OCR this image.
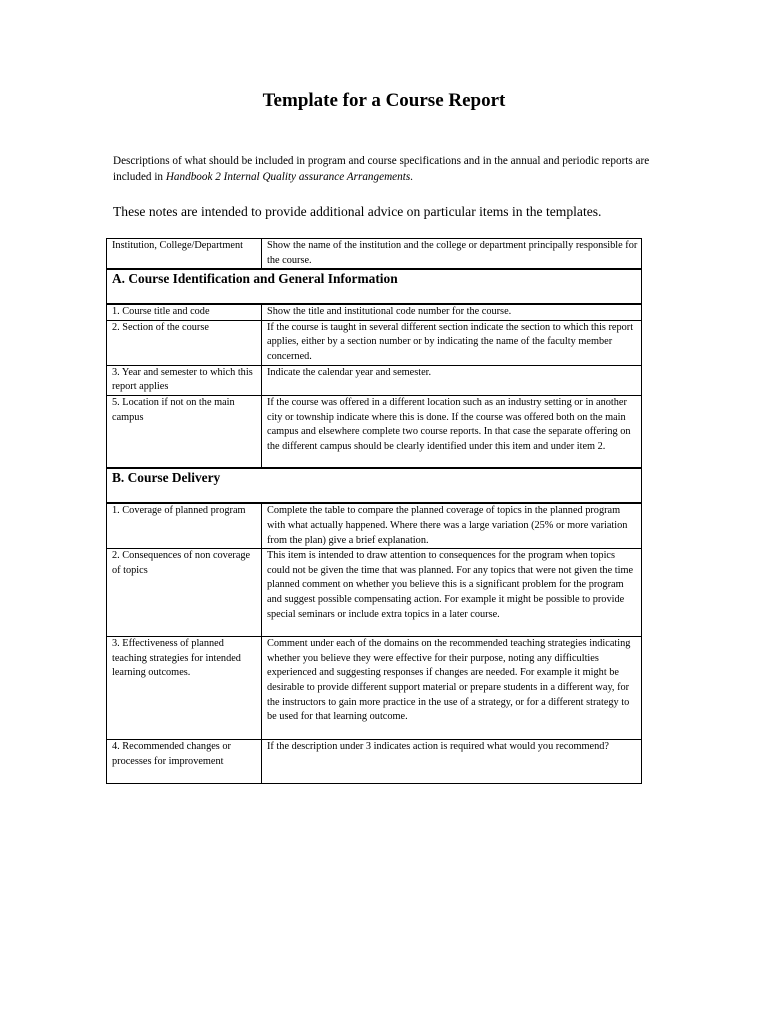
Template for a Course Report

Descriptions of what should be included in program and course specifications and in the annual and periodic reports are included in Handbook 2 Internal Quality assurance Arrangements.

These notes are intended to provide additional advice on particular items in the templates.

Institution, College/Department	Show the name of the institution and the college or department principally responsible for the course.
A. Course Identification and General Information	
1. Course title and code	Show the title and institutional code number for the course.
2. Section of the course	If the course is taught in several different section indicate the section to which this report applies, either by a section number or by indicating the name of the faculty member concerned.
3. Year and semester to which this report applies	Indicate the calendar year and semester.
5. Location if not on the main campus	If the course was offered in a different location such as an industry setting or in another city or township indicate where this is done. If the course was offered both on the main campus and elsewhere complete two course reports. In that case the separate offering on the different campus should be clearly identified under this item and under item 2.
B. Course Delivery	
1. Coverage of planned program	Complete the table to compare the planned coverage of topics in the planned program with what actually happened. Where there was a large variation (25% or more variation from the plan) give a brief explanation.
2. Consequences of non coverage of topics	This item is intended to draw attention to consequences for the program when topics could not be given the time that was planned. For any topics that were not given the time planned comment on whether you believe this is a significant problem for the program and suggest possible compensating action. For example it might be possible to provide special seminars or include extra topics in a later course.
3. Effectiveness of planned teaching strategies for intended learning outcomes.	Comment under each of the domains on the recommended teaching strategies indicating whether you believe they were effective for their purpose, noting any difficulties experienced and suggesting responses if changes are needed. For example it might be desirable to provide different support material or prepare students in a different way, for the instructors to gain more practice in the use of a strategy, or for a different strategy to be used for that learning outcome.
4. Recommended changes or processes for improvement	If the description under 3 indicates action is required what would you recommend?
